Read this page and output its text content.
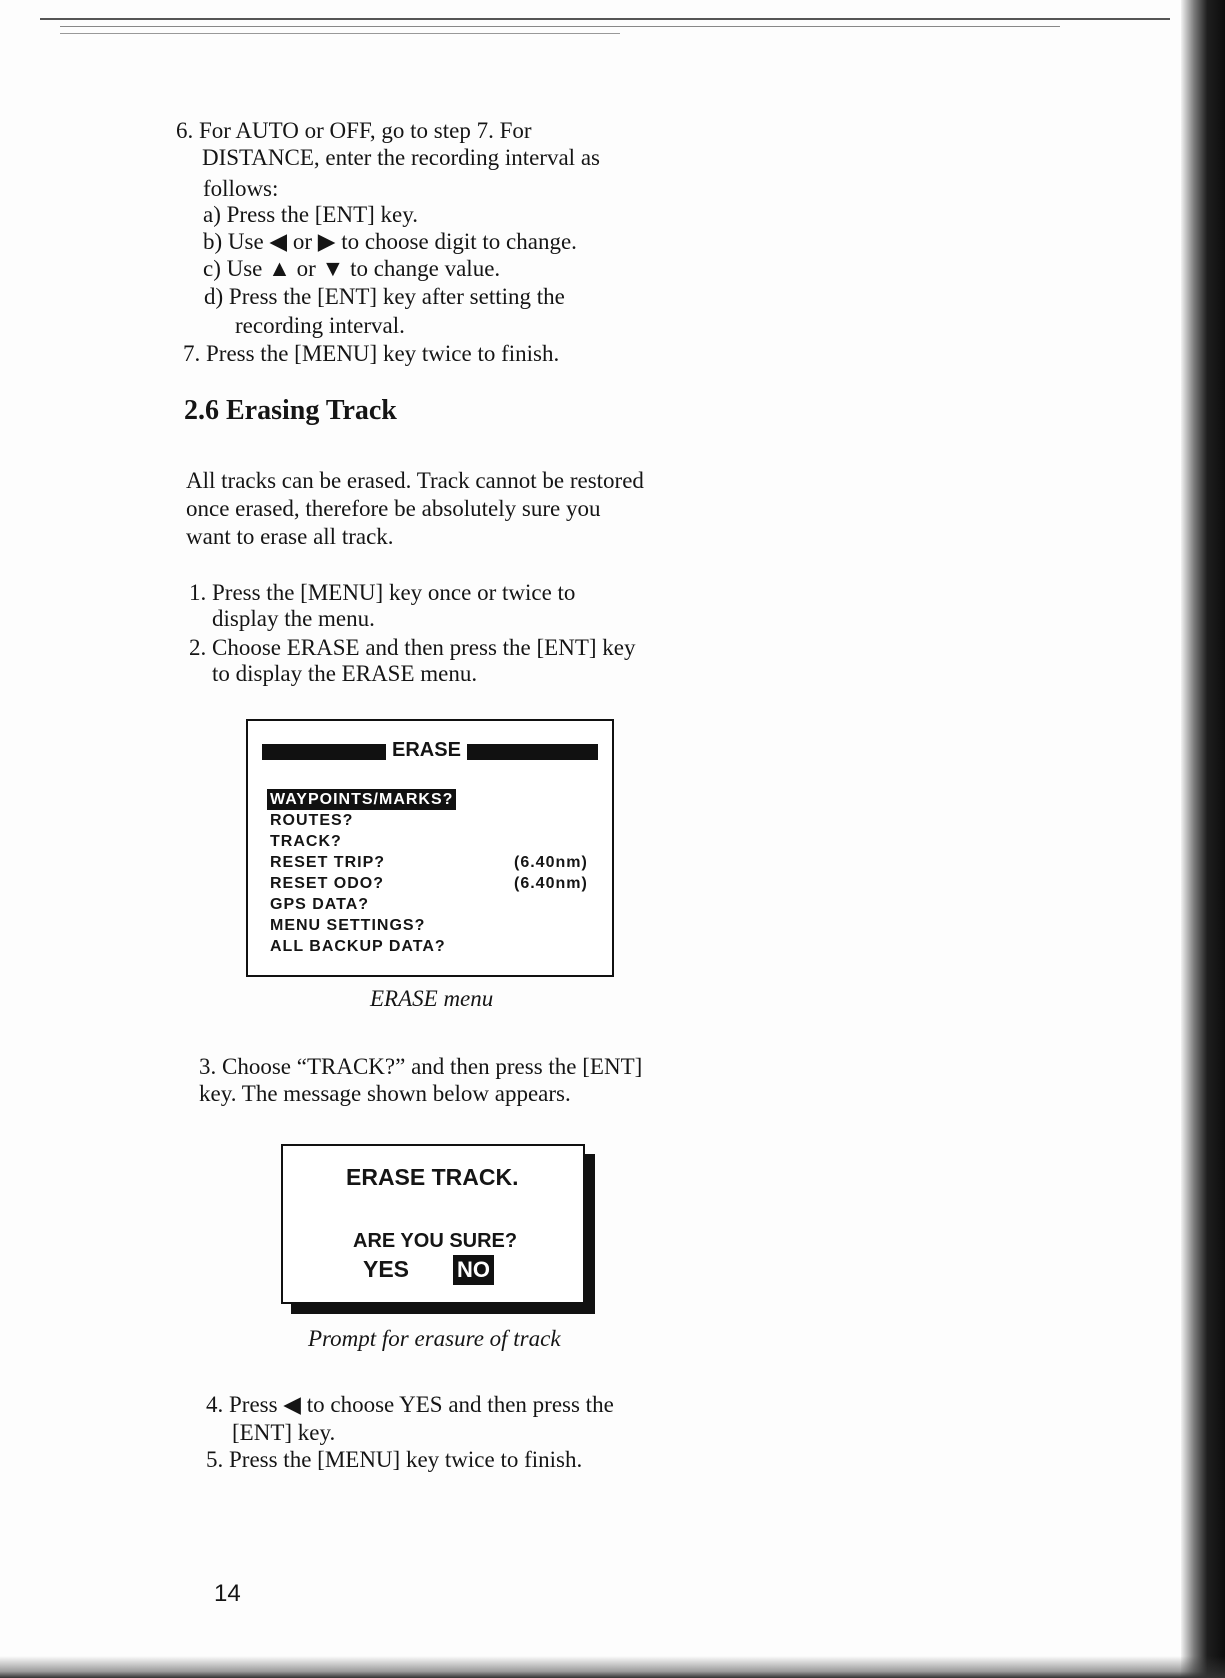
6. For AUTO or OFF, go to step 7. For
DISTANCE, enter the recording interval as
follows:
a) Press the [ENT] key.
b) Use ◀ or ▶ to choose digit to change.
c) Use ▲ or ▼ to change value.
d) Press the [ENT] key after setting the
recording interval.
7. Press the [MENU] key twice to finish.
2.6 Erasing Track
All tracks can be erased. Track cannot be restored
once erased, therefore be absolutely sure you
want to erase all track.
1. Press the [MENU] key once or twice to
display the menu.
2. Choose ERASE and then press the [ENT] key
to display the ERASE menu.
ERASE
WAYPOINTS/MARKS?
ROUTES?
TRACK?
RESET TRIP?
RESET ODO?
GPS DATA?
MENU SETTINGS?
ALL BACKUP DATA?
(6.40nm)
(6.40nm)
ERASE menu
3. Choose “TRACK?” and then press the [ENT]
key. The message shown below appears.
ERASE TRACK.
ARE YOU SURE?
YES NO
Prompt for erasure of track
4. Press ◀ to choose YES and then press the
[ENT] key.
5. Press the [MENU] key twice to finish.
14
